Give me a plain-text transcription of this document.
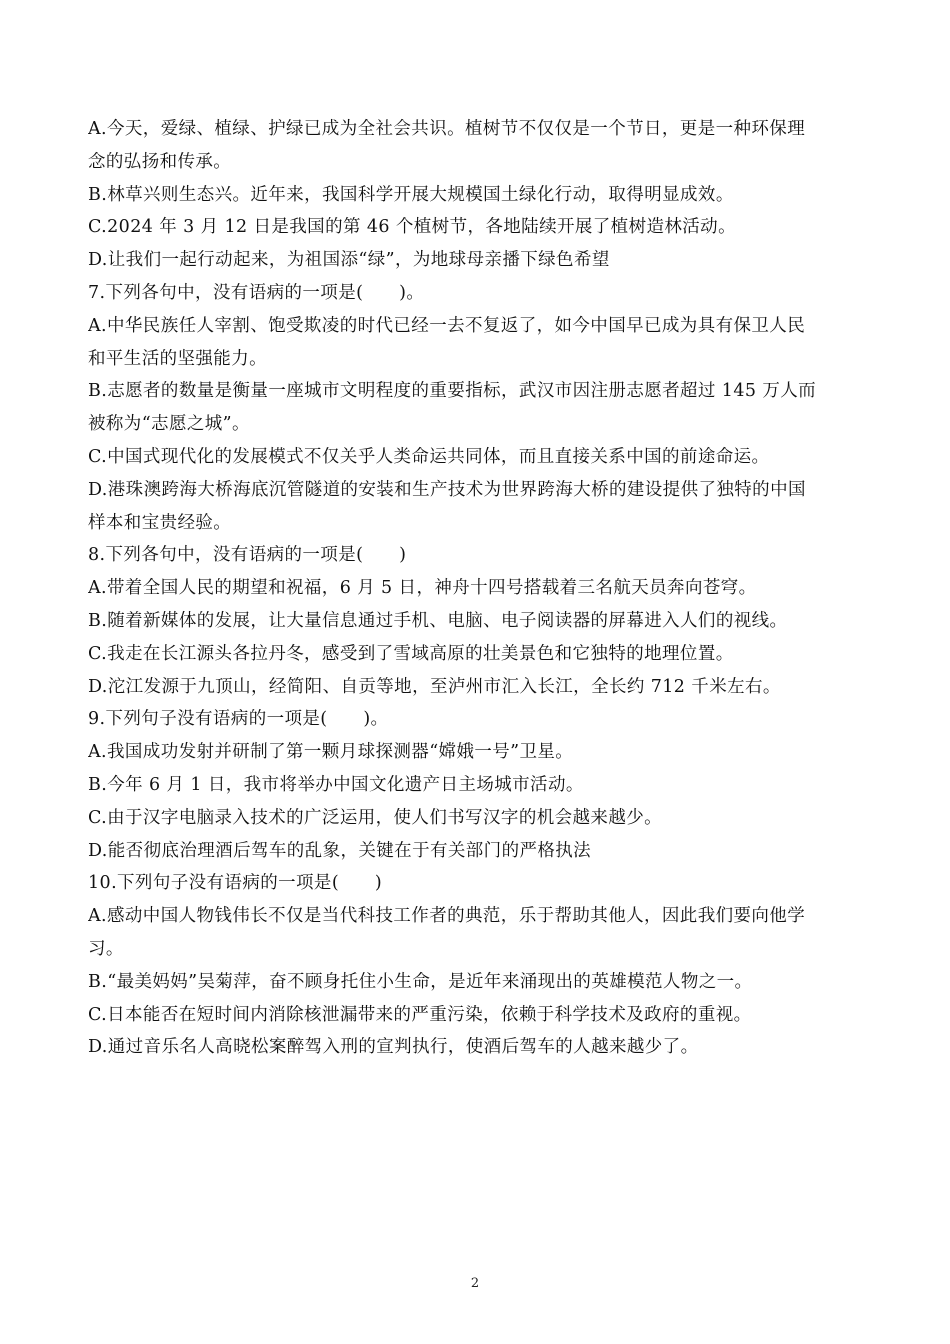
A.今天，爱绿、植绿、护绿已成为全社会共识。植树节不仅仅是一个节日，更是一种环保理
念的弘扬和传承。
B.林草兴则生态兴。近年来，我国科学开展大规模国土绿化行动，取得明显成效。
C.2024 年 3 月 12 日是我国的第 46 个植树节，各地陆续开展了植树造林活动。
D.让我们一起行动起来，为祖国添“绿”，为地球母亲播下绿色希望
7.下列各句中，没有语病的一项是(　　)。
A.中华民族任人宰割、饱受欺凌的时代已经一去不复返了，如今中国早已成为具有保卫人民
和平生活的坚强能力。
B.志愿者的数量是衡量一座城市文明程度的重要指标，武汉市因注册志愿者超过 145 万人而
被称为“志愿之城”。
C.中国式现代化的发展模式不仅关乎人类命运共同体，而且直接关系中国的前途命运。
D.港珠澳跨海大桥海底沉管隧道的安装和生产技术为世界跨海大桥的建设提供了独特的中国
样本和宝贵经验。
8.下列各句中，没有语病的一项是(　　)
A.带着全国人民的期望和祝福，6 月 5 日，神舟十四号搭载着三名航天员奔向苍穹。
B.随着新媒体的发展，让大量信息通过手机、电脑、电子阅读器的屏幕进入人们的视线。
C.我走在长江源头各拉丹冬，感受到了雪域高原的壮美景色和它独特的地理位置。
D.沱江发源于九顶山，经简阳、自贡等地，至泸州市汇入长江，全长约 712 千米左右。
9.下列句子没有语病的一项是(　　)。
A.我国成功发射并研制了第一颗月球探测器“嫦娥一号”卫星。
B.今年 6 月 1 日，我市将举办中国文化遗产日主场城市活动。
C.由于汉字电脑录入技术的广泛运用，使人们书写汉字的机会越来越少。
D.能否彻底治理酒后驾车的乱象，关键在于有关部门的严格执法
10.下列句子没有语病的一项是(　　)
A.感动中国人物钱伟长不仅是当代科技工作者的典范，乐于帮助其他人，因此我们要向他学
习。
B.“最美妈妈”吴菊萍，奋不顾身托住小生命，是近年来涌现出的英雄模范人物之一。
C.日本能否在短时间内消除核泄漏带来的严重污染，依赖于科学技术及政府的重视。
D.通过音乐名人高晓松案醉驾入刑的宣判执行，使酒后驾车的人越来越少了。
2
